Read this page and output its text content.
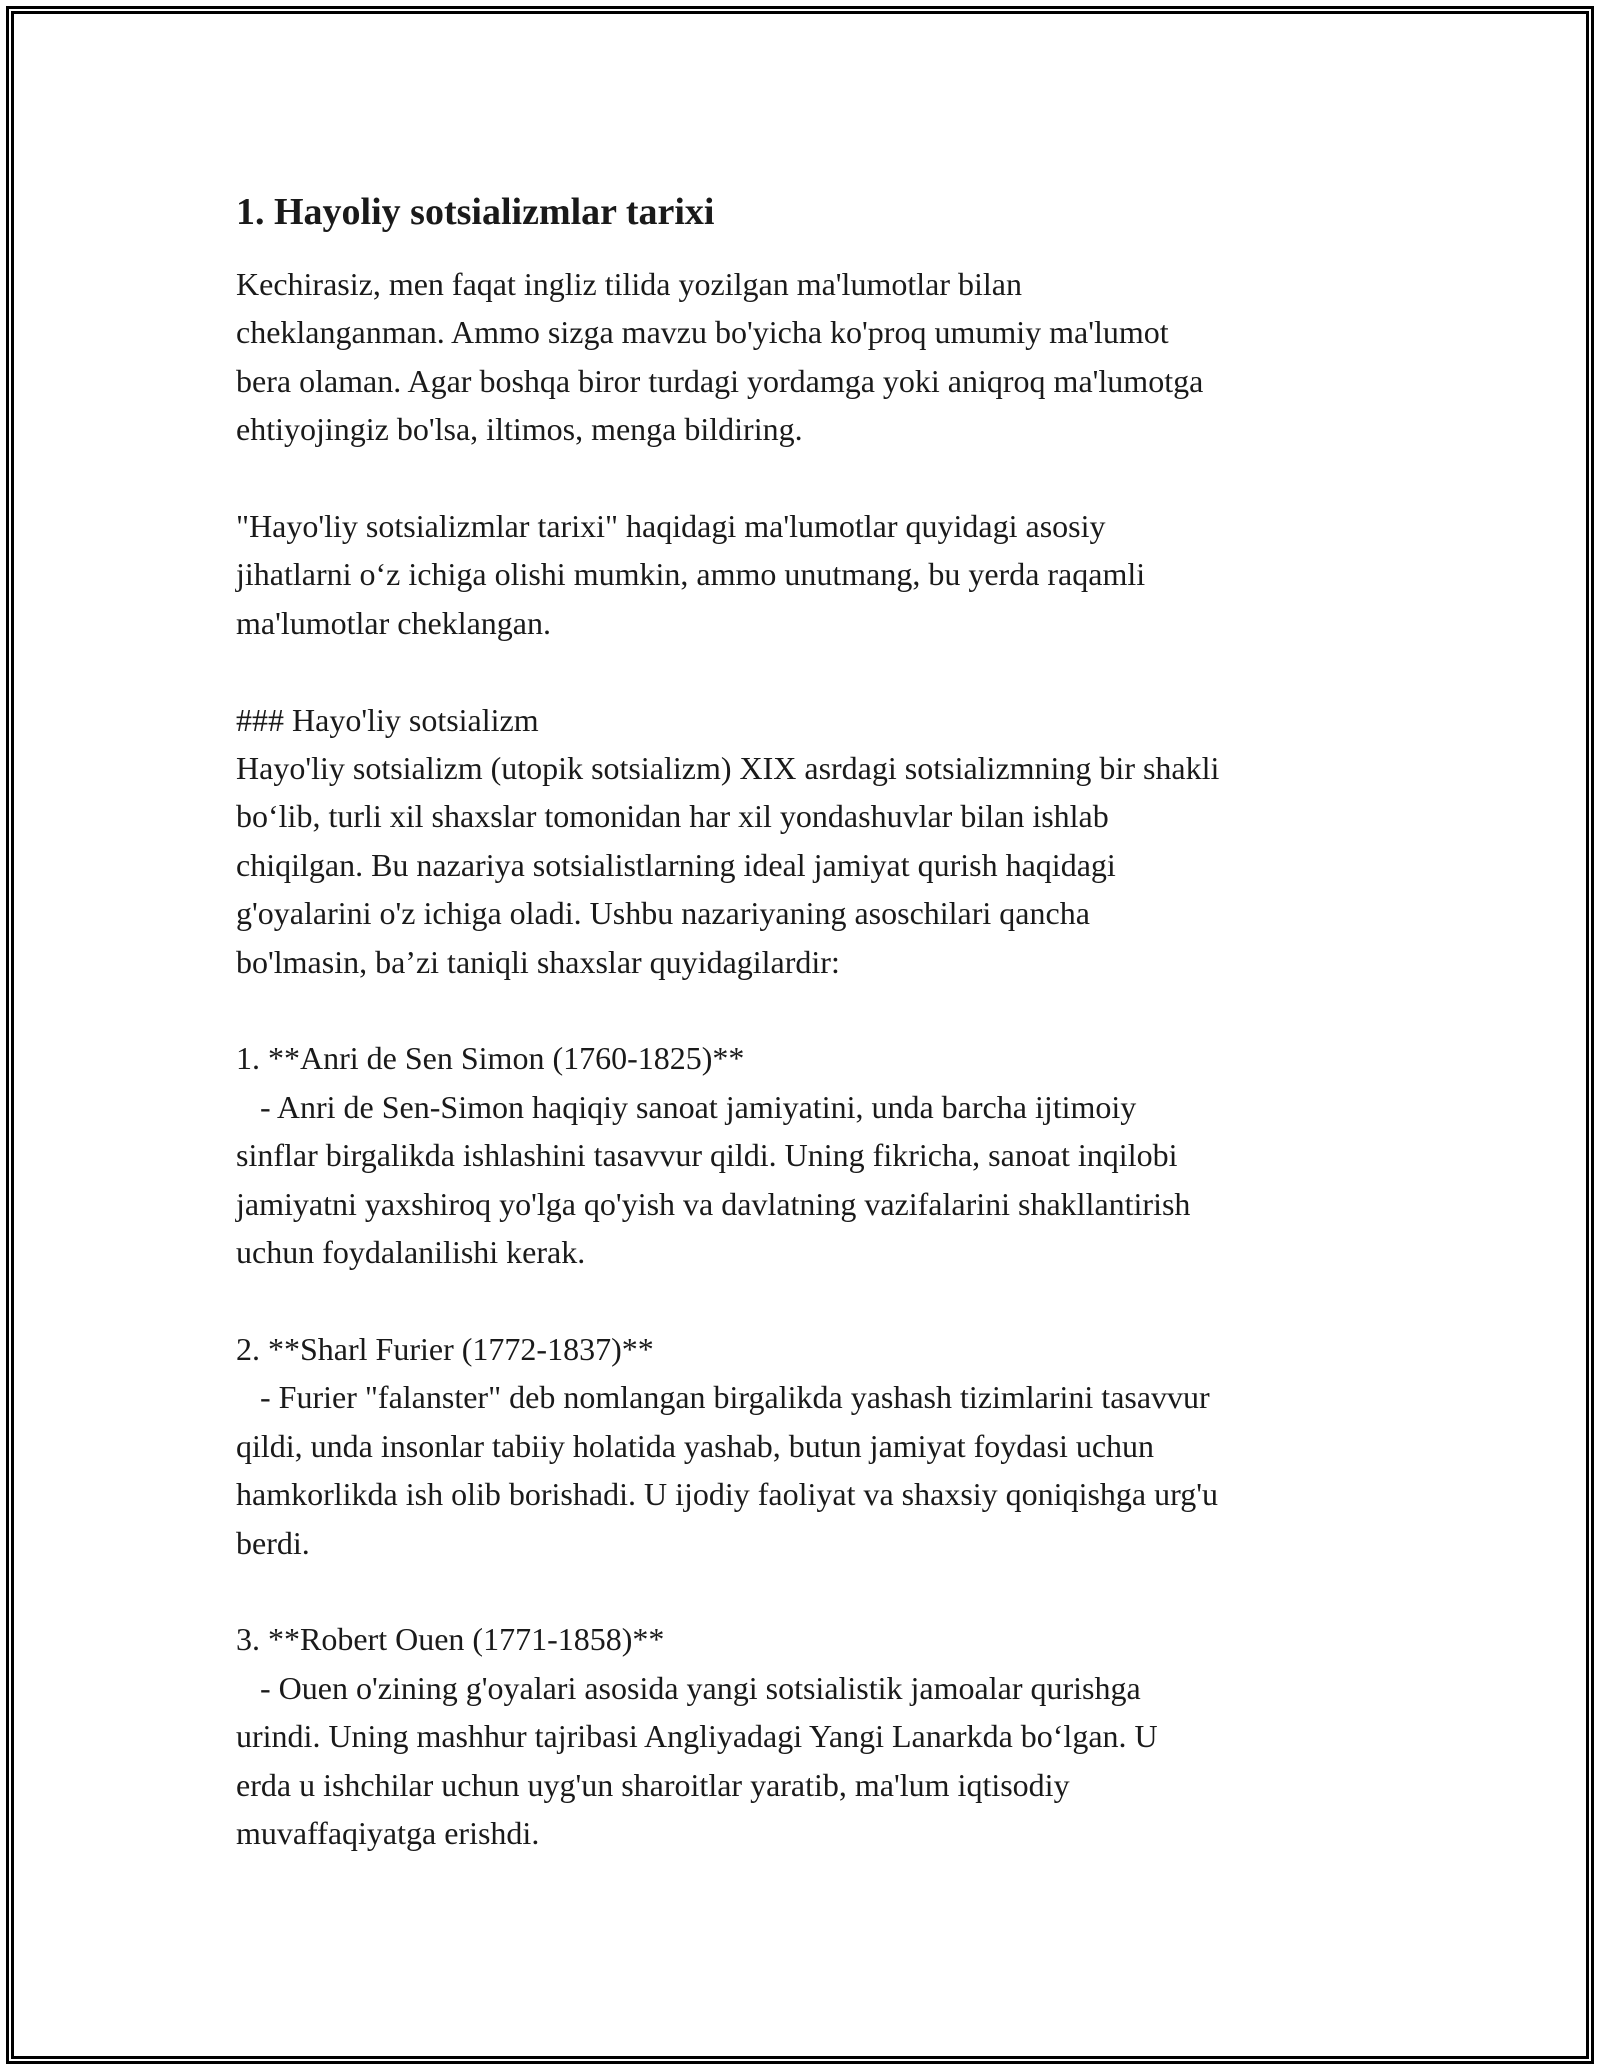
1. Hayoliy sotsializmlar tarixi

Kechirasiz, men faqat ingliz tilida yozilgan ma'lumotlar bilan
cheklanganman. Ammo sizga mavzu bo'yicha ko'proq umumiy ma'lumot
bera olaman. Agar boshqa biror turdagi yordamga yoki aniqroq ma'lumotga
ehtiyojingiz bo'lsa, iltimos, menga bildiring.

"Hayo'liy sotsializmlar tarixi" haqidagi ma'lumotlar quyidagi asosiy
jihatlarni o‘z ichiga olishi mumkin, ammo unutmang, bu yerda raqamli
ma'lumotlar cheklangan.

### Hayo'liy sotsializm
Hayo'liy sotsializm (utopik sotsializm) XIX asrdagi sotsializmning bir shakli
bo‘lib, turli xil shaxslar tomonidan har xil yondashuvlar bilan ishlab
chiqilgan. Bu nazariya sotsialistlarning ideal jamiyat qurish haqidagi
g'oyalarini o'z ichiga oladi. Ushbu nazariyaning asoschilari qancha
bo'lmasin, ba’zi taniqli shaxslar quyidagilardir:

1. **Anri de Sen Simon (1760-1825)**
- Anri de Sen-Simon haqiqiy sanoat jamiyatini, unda barcha ijtimoiy
sinflar birgalikda ishlashini tasavvur qildi. Uning fikricha, sanoat inqilobi
jamiyatni yaxshiroq yo'lga qo'yish va davlatning vazifalarini shakllantirish
uchun foydalanilishi kerak.

2. **Sharl Furier (1772-1837)**
- Furier "falanster" deb nomlangan birgalikda yashash tizimlarini tasavvur
qildi, unda insonlar tabiiy holatida yashab, butun jamiyat foydasi uchun
hamkorlikda ish olib borishadi. U ijodiy faoliyat va shaxsiy qoniqishga urg'u
berdi.

3. **Robert Ouen (1771-1858)**
- Ouen o'zining g'oyalari asosida yangi sotsialistik jamoalar qurishga
urindi. Uning mashhur tajribasi Angliyadagi Yangi Lanarkda bo‘lgan. U
erda u ishchilar uchun uyg'un sharoitlar yaratib, ma'lum iqtisodiy
muvaffaqiyatga erishdi.
